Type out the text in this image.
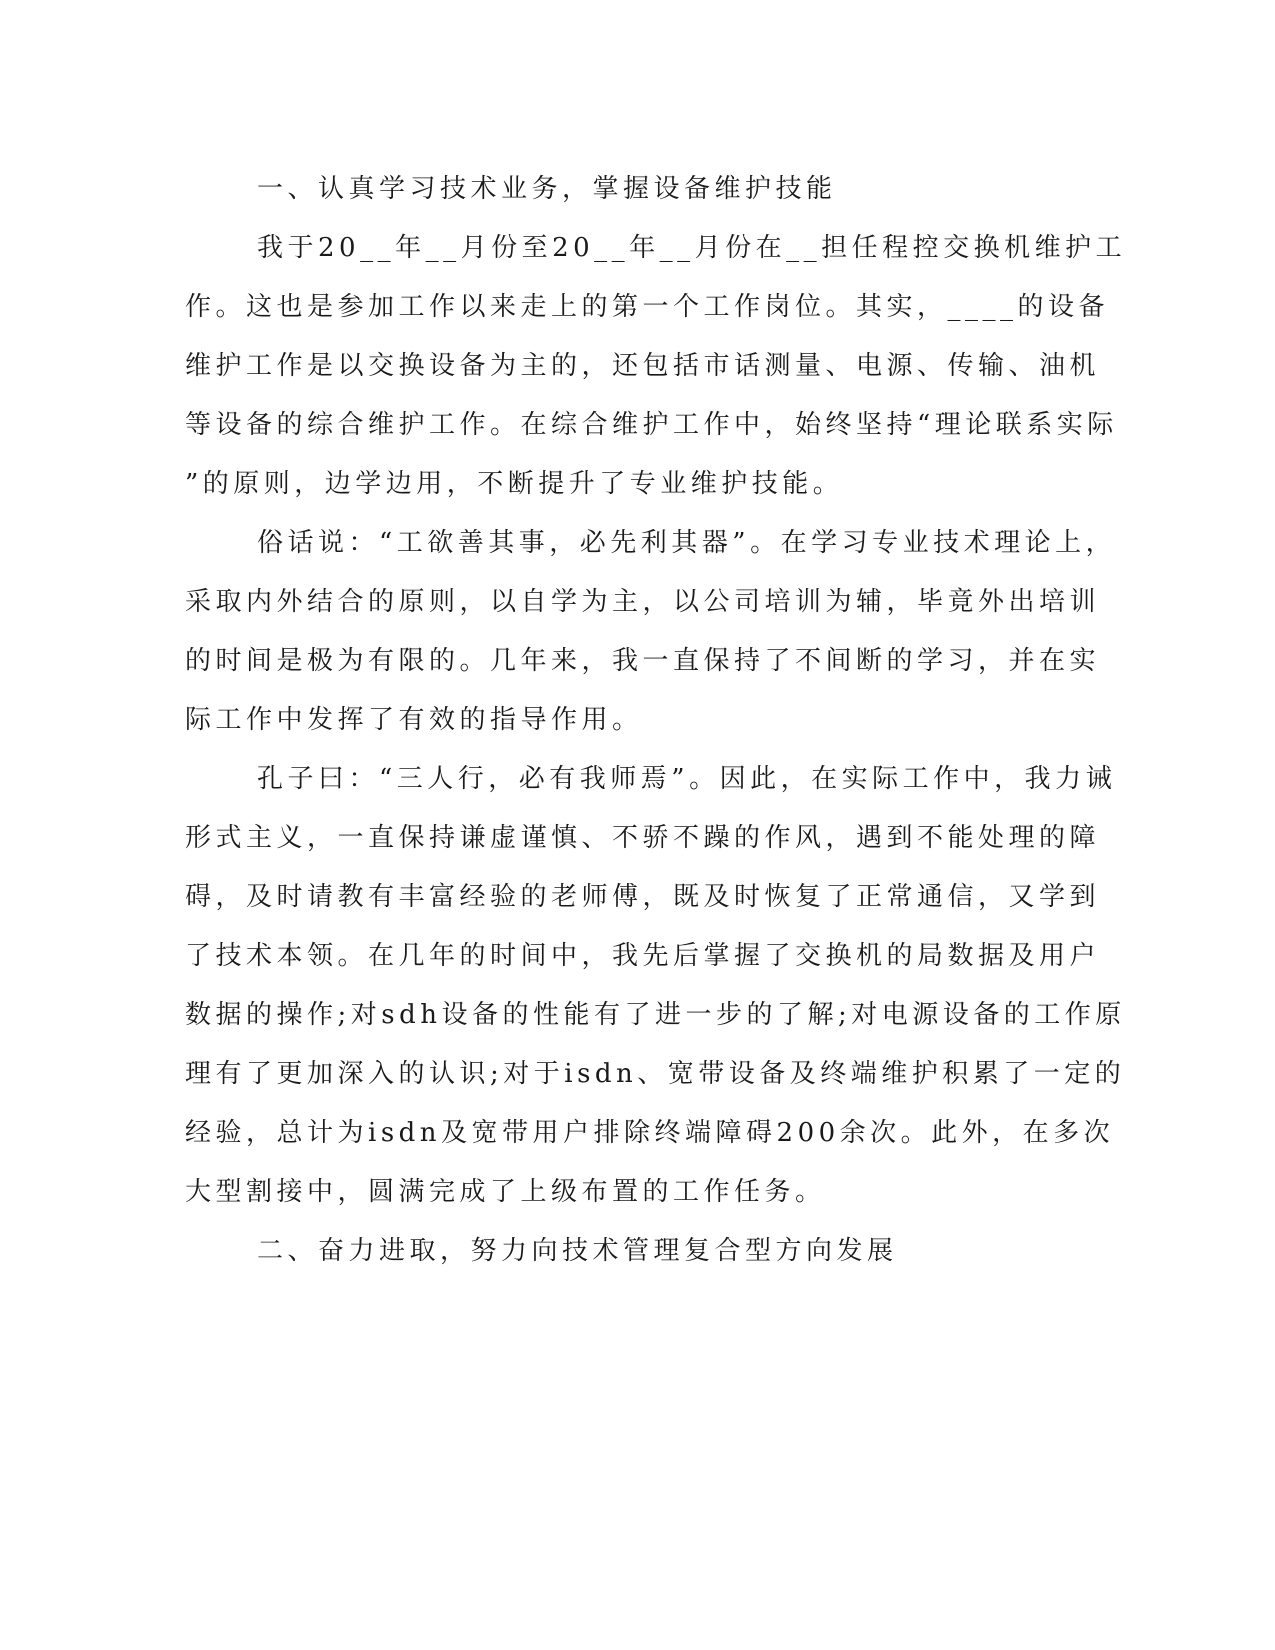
一、认真学习技术业务，掌握设备维护技能
我于20__年__月份至20__年__月份在__担任程控交换机维护工
作。这也是参加工作以来走上的第一个工作岗位。其实，____的设备
维护工作是以交换设备为主的，还包括市话测量、电源、传输、油机
等设备的综合维护工作。在综合维护工作中，始终坚持“理论联系实际
”的原则，边学边用，不断提升了专业维护技能。
俗话说：“工欲善其事，必先利其器”。在学习专业技术理论上，
采取内外结合的原则，以自学为主，以公司培训为辅，毕竟外出培训
的时间是极为有限的。几年来，我一直保持了不间断的学习，并在实
际工作中发挥了有效的指导作用。
孔子曰：“三人行，必有我师焉”。因此，在实际工作中，我力诫
形式主义，一直保持谦虚谨慎、不骄不躁的作风，遇到不能处理的障
碍，及时请教有丰富经验的老师傅，既及时恢复了正常通信，又学到
了技术本领。在几年的时间中，我先后掌握了交换机的局数据及用户
数据的操作;对sdh设备的性能有了进一步的了解;对电源设备的工作原
理有了更加深入的认识;对于isdn、宽带设备及终端维护积累了一定的
经验，总计为isdn及宽带用户排除终端障碍200余次。此外，在多次
大型割接中，圆满完成了上级布置的工作任务。
二、奋力进取，努力向技术管理复合型方向发展
